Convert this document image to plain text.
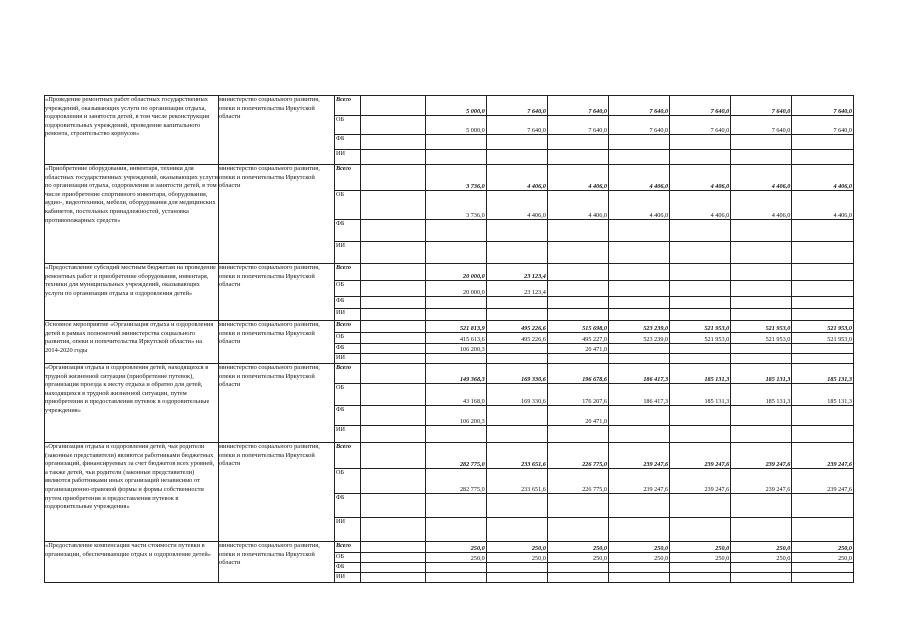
«Проведение ремонтных работ областных государственных учреждений, оказывающих услуги по организации отдыха, оздоровления и занятости детей, в том числе реконструкция оздоровительных учреждений, проведение капитального ремонта, строительство корпусов»	министерство социального развития, опеки и попечительства Иркутской области	
Всего		5 000,0	7 640,0	7 640,0	7 640,0	7 640,0	7 640,0	7 640,0
ОБ		5 000,0	7 640,0	7 640,0	7 640,0	7 640,0	7 640,0	7 640,0
ФБ								
ИИ								

«Приобретение оборудования, инвентаря, техники для областных государственных учреждений, оказывающих услуги по организации отдыха, оздоровления и занятости детей, в том числе приобретение спортивного инвентаря, оборудования, аудио-, видеотехники, мебели, оборудования для медицинских кабинетов, постельных принадлежностей, установка противопожарных средств»	министерство социального развития, опеки и попечительства Иркутской области	
Всего		3 736,0	4 406,0	4 406,0	4 406,0	4 406,0	4 406,0	4 406,0
ОБ		3 736,0	4 406,0	4 406,0	4 406,0	4 406,0	4 406,0	4 406,0
ФБ								
ИИ								

«Предоставление субсидий местным бюджетам на проведение ремонтных работ и приобретение оборудования, инвентаря, техники для муниципальных учреждений, оказывающих услуги по организации отдыха и оздоровления детей»	министерство социального развития, опеки и попечительства Иркутской области	
Всего		20 000,0	23 123,4					
ОБ		20 000,0	23 123,4					
ФБ								
ИИ								

Основное мероприятие «Организация отдыха и оздоровления детей в рамках полномочий министерства социального развития, опеки и попечительства Иркутской области» на 2014-2020 годы	министерство социального развития, опеки и попечительства Иркутской области	
Всего		521 813,9	495 226,6	515 698,0	523 239,0	521 953,0	521 953,0	521 953,0
ОБ		415 613,6	495 226,6	495 227,0	523 239,0	521 953,0	521 953,0	521 953,0
ФБ		106 200,3		20 471,0				
ИИ								

«Организация отдыха и оздоровления детей, находящихся в трудной жизненной ситуации (приобретение путевок), организация проезда к месту отдыха и обратно для детей, находящихся в трудной жизненной ситуации, путем приобретения и предоставления путевок в оздоровительные учреждения»	министерство социального развития, опеки и попечительства Иркутской области	
Всего		149 368,3	169 330,6	196 678,6	186 417,3	185 131,3	185 131,3	185 131,3
ОБ		43 168,0	169 330,6	176 207,6	186 417,3	185 131,3	185 131,3	185 131,3
ФБ		106 200,3		20 471,0				
ИИ								

«Организация отдыха и оздоровления детей, чьи родители (законные представители) являются работниками бюджетных организаций, финансируемых за счет бюджетов всех уровней, а также детей, чьи родители (законные представители) являются работниками иных организаций независимо от организационно-правовой формы и формы собственности путем приобретения и предоставления путевок в оздоровительные учреждения»	министерство социального развития, опеки и попечительства Иркутской области	
Всего		282 775,0	233 651,6	226 775,0	239 247,6	239 247,6	239 247,6	239 247,6
ОБ		282 775,0	233 651,6	226 775,0	239 247,6	239 247,6	239 247,6	239 247,6
ФБ								
ИИ								

«Предоставление компенсации части стоимости путевки в организации, обеспечивающие отдых и оздоровление детей»	министерство социального развития, опеки и попечительства Иркутской области	
Всего		250,0	250,0	250,0	250,0	250,0	250,0	250,0
ОБ		250,0	250,0	250,0	250,0	250,0	250,0	250,0
ФБ								
ИИ								
